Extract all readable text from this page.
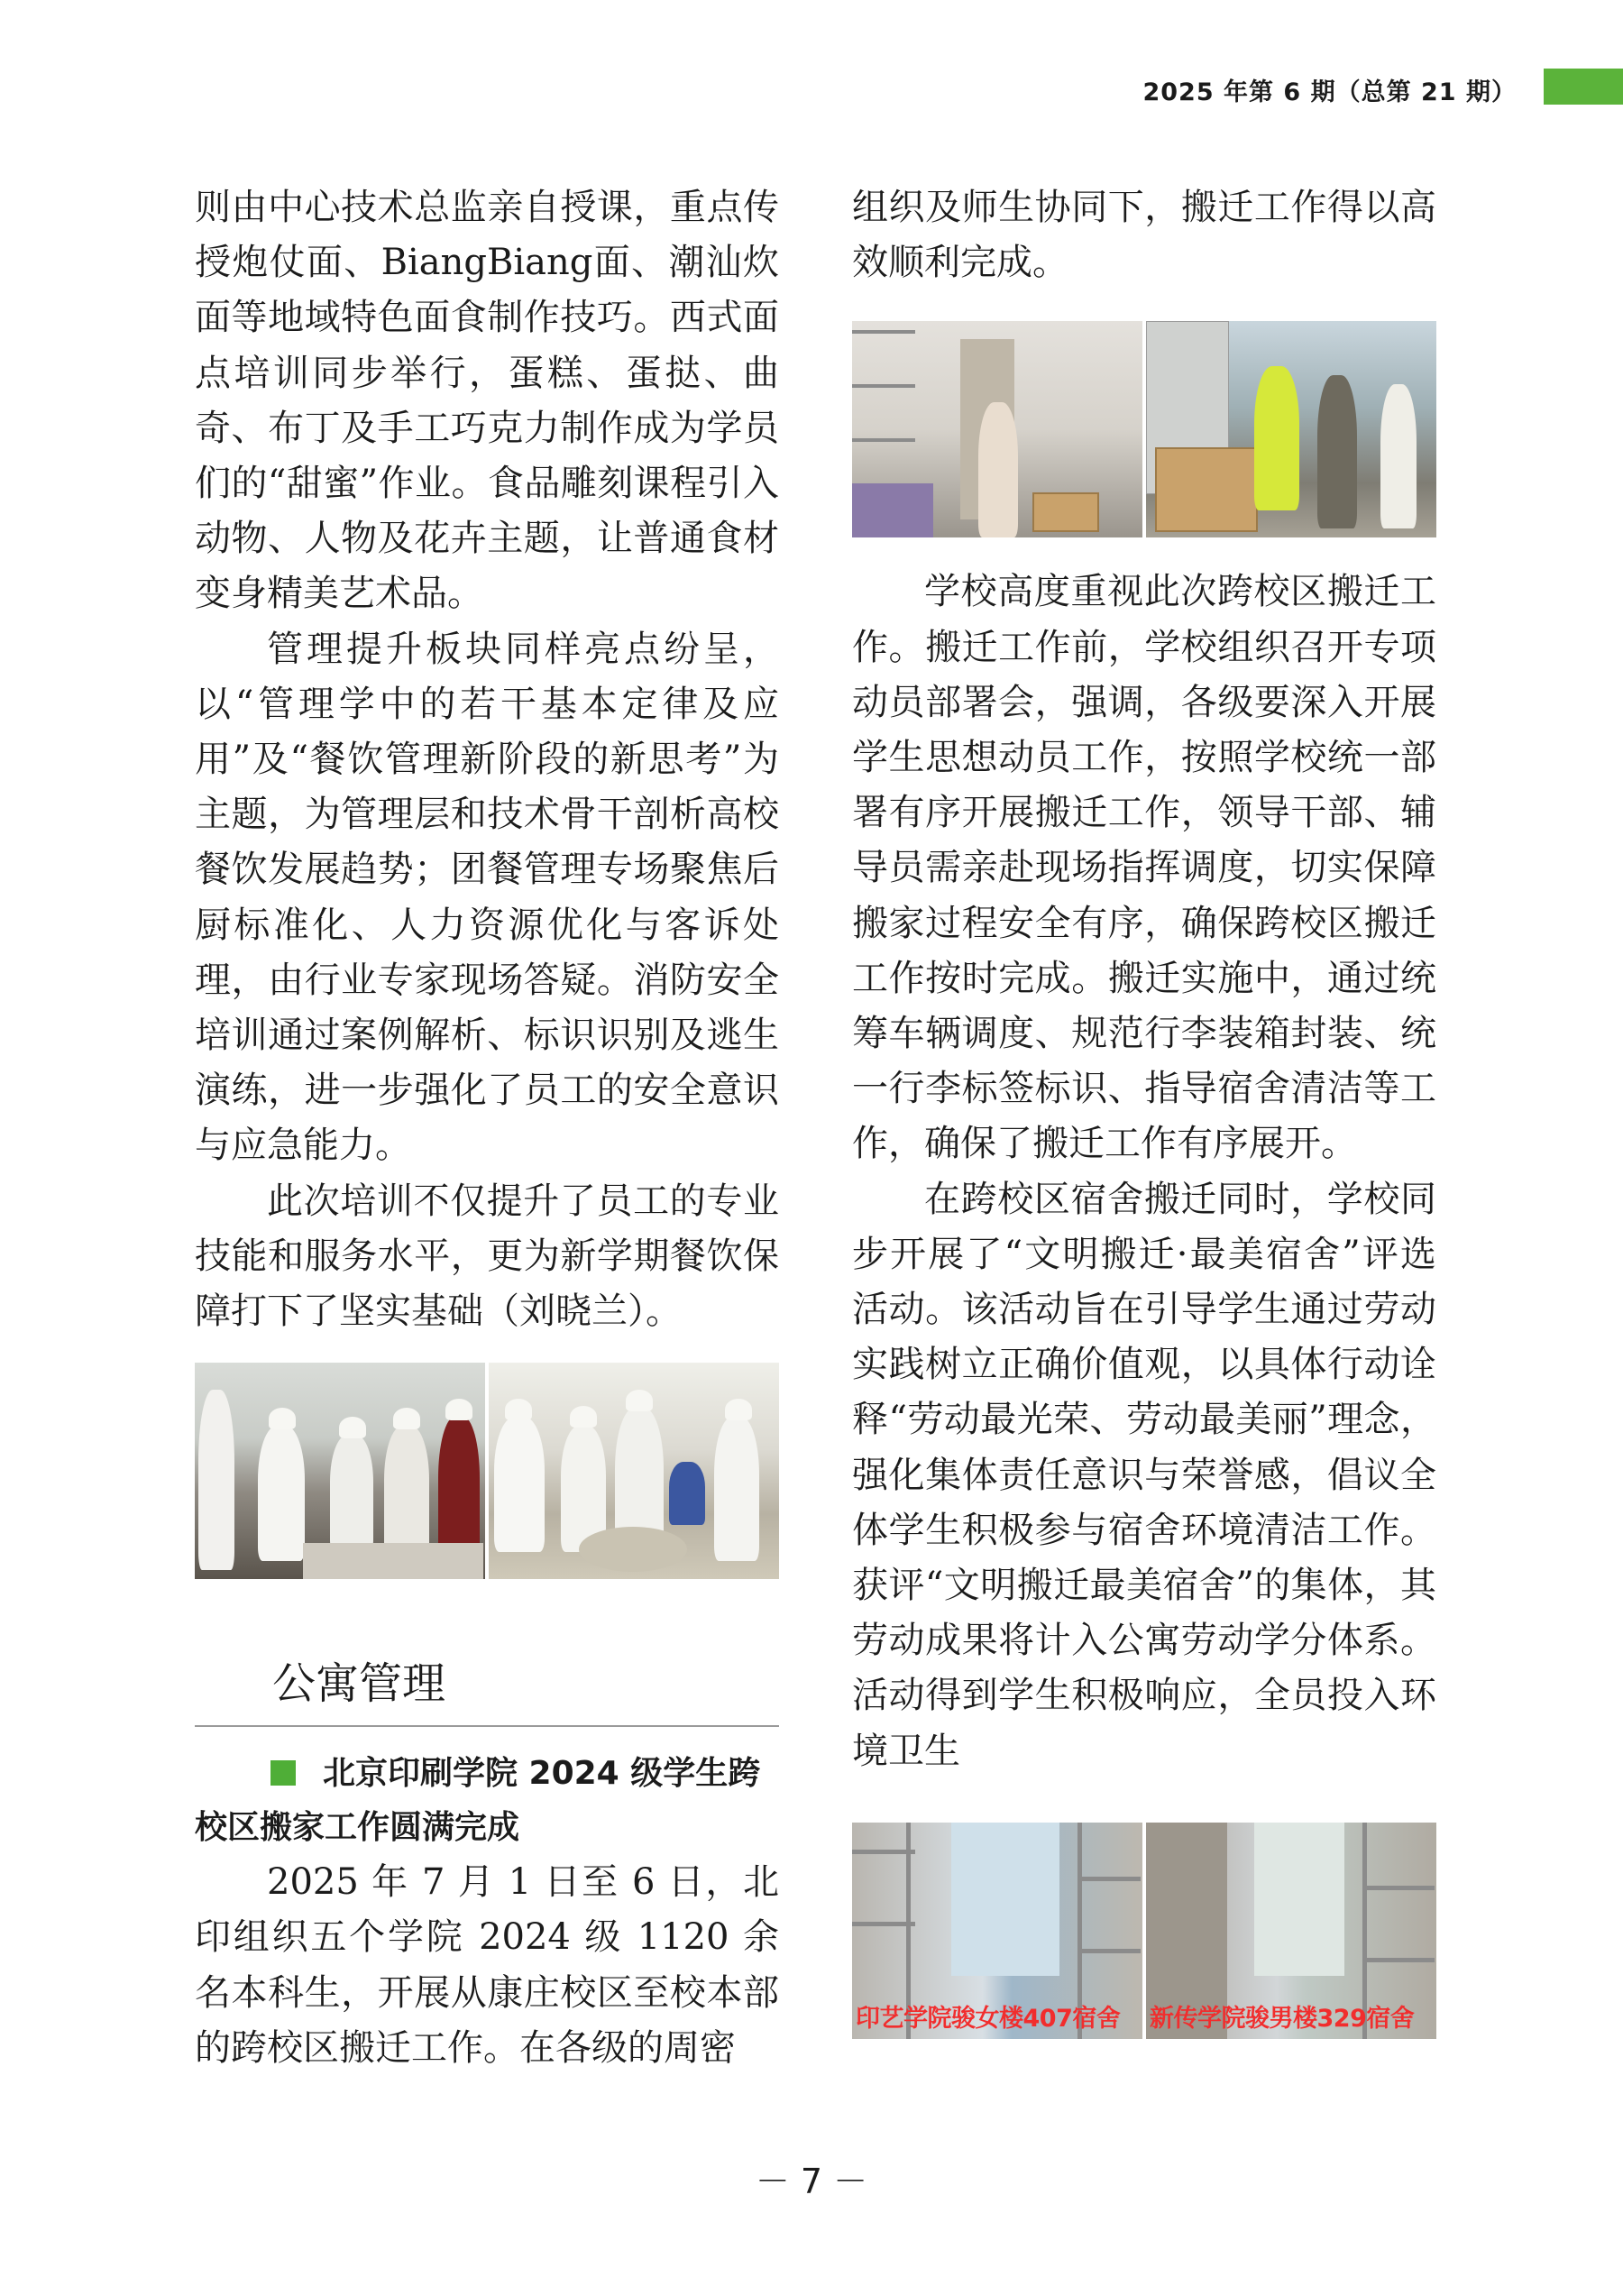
2025 年第 6 期（总第 21 期）

则由中心技术总监亲自授课，重点传授炮仗面、BiangBiang面、潮汕炊面等地域特色面食制作技巧。西式面点培训同步举行，蛋糕、蛋挞、曲奇、布丁及手工巧克力制作成为学员们的“甜蜜”作业。食品雕刻课程引入动物、人物及花卉主题，让普通食材变身精美艺术品。

管理提升板块同样亮点纷呈，以“管理学中的若干基本定律及应用”及“餐饮管理新阶段的新思考”为主题，为管理层和技术骨干剖析高校餐饮发展趋势；团餐管理专场聚焦后厨标准化、人力资源优化与客诉处理，由行业专家现场答疑。消防安全培训通过案例解析、标识识别及逃生演练，进一步强化了员工的安全意识与应急能力。

此次培训不仅提升了员工的专业技能和服务水平，更为新学期餐饮保障打下了坚实基础（刘晓兰）。

公寓管理
北京印刷学院 2024 级学生跨校区搬家工作圆满完成

2025 年 7 月 1 日至 6 日，北印组织五个学院 2024 级 1120 余名本科生，开展从康庄校区至校本部的跨校区搬迁工作。在各级的周密

组织及师生协同下，搬迁工作得以高效顺利完成。

学校高度重视此次跨校区搬迁工作。搬迁工作前，学校组织召开专项动员部署会，强调，各级要深入开展学生思想动员工作，按照学校统一部署有序开展搬迁工作，领导干部、辅导员需亲赴现场指挥调度，切实保障搬家过程安全有序，确保跨校区搬迁工作按时完成。搬迁实施中，通过统筹车辆调度、规范行李装箱封装、统一行李标签标识、指导宿舍清洁等工作，确保了搬迁工作有序展开。

在跨校区宿舍搬迁同时，学校同步开展了“文明搬迁·最美宿舍”评选活动。该活动旨在引导学生通过劳动实践树立正确价值观，以具体行动诠释“劳动最光荣、劳动最美丽”理念，强化集体责任意识与荣誉感，倡议全体学生积极参与宿舍环境清洁工作。获评“文明搬迁最美宿舍”的集体，其劳动成果将计入公寓劳动学分体系。活动得到学生积极响应，全员投入环境卫生

印艺学院骏女楼407宿舍	新传学院骏男楼329宿舍
－ 7 －
